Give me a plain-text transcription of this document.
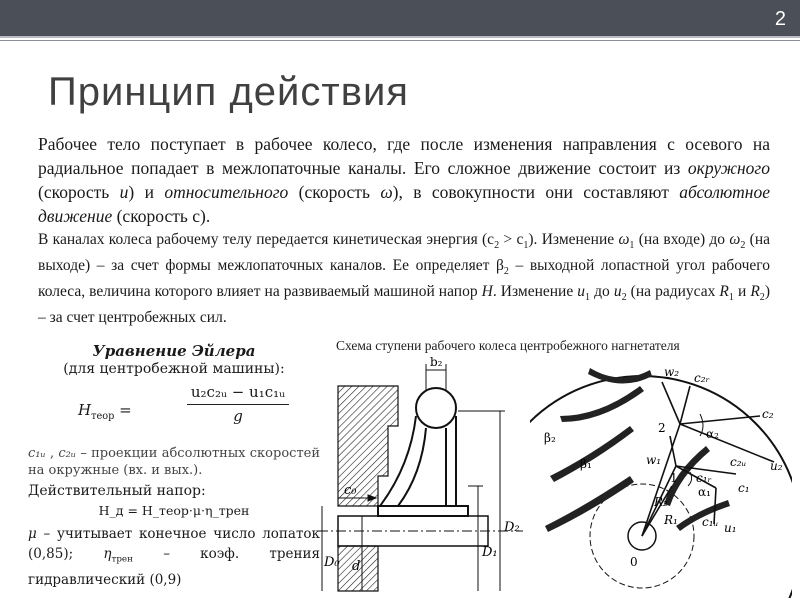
2
Принцип действия
Рабочее тело поступает в рабочее колесо, где после изменения направления с осевого на радиальное попадает в межлопаточные каналы. Его сложное движение состоит из окружного (скорость u) и относительного (скорость ω), в совокупности они составляют абсолютное движение (скорость с).
В каналах колеса рабочему телу передается кинетическая энергия $(с_2 > с_1)$. Изменение $\omega_1$ (на входе) до $\omega_2$ (на выходе) – за счет формы межлопаточных каналов. Ее определяет $\beta_2$ – выходной лопастной угол рабочего колеса, величина которого влияет на развиваемый машиной напор H. Изменение $u_1$ до $u_2$ (на радиусах $R_1$ и $R_2$) – за счет центробежных сил.
Схема ступени рабочего колеса центробежного нагнетателя
Уравнение Эйлера
(для центробежной машины):
$H_{теор} = \frac{\text{u₂c₂ᵤ − u₁c₁ᵤ}}{g}$
c₁ᵤ , c₂ᵤ – проекции абсолютных скоростей на окружные (вх. и вых.).
Действительный напор:
H_д = H_теор·μ·η_трен
μ – учитывает конечное число лопаток (0,85); $\eta_{трен}$ – коэф. трения гидравлический (0,9)
b₂
c₀
D₀ d
D₁
D₂
w₂ c₂ᵣ
c₂
β₂	α₂
2
c₂ᵤ u₂
β₁	w₁
1 c₁ᵣ
α₁ c₁
R₂
R₁ c₁ᵤ u₁
0
